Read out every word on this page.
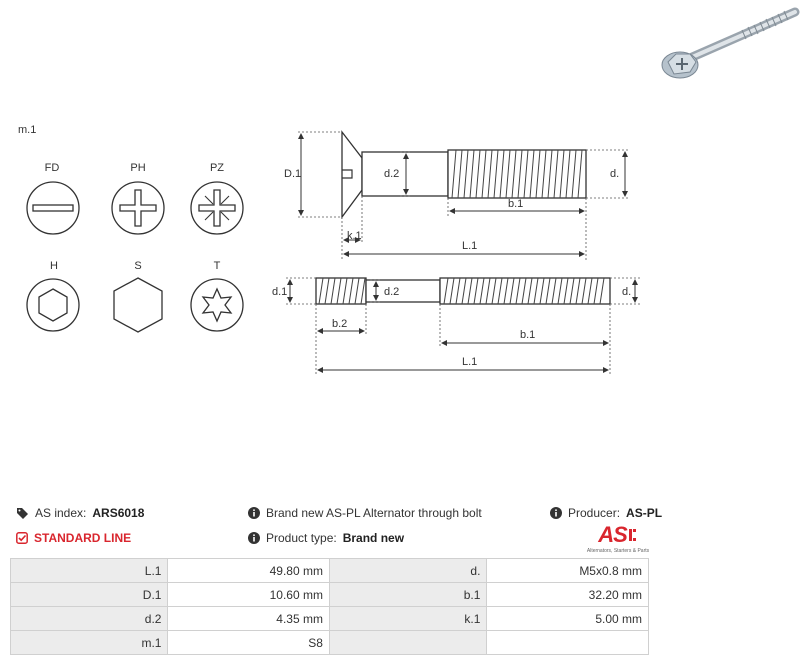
m.1
FD	PH	PZ
H	S	T
D.1	d.2	d.
b.1
k.1
L.1
d.1	d.2	d.
b.2
b.1
L.1
AS index: ARS6018	Brand new AS-PL Alternator through bolt	Producer: AS-PL
STANDARD LINE	Product type: Brand new	AS
Alternators, Starters & Parts
L.1	49.80 mm	d.	M5x0.8 mm
D.1	10.60 mm	b.1	32.20 mm
d.2	4.35 mm	k.1	5.00 mm
m.1	S8		
